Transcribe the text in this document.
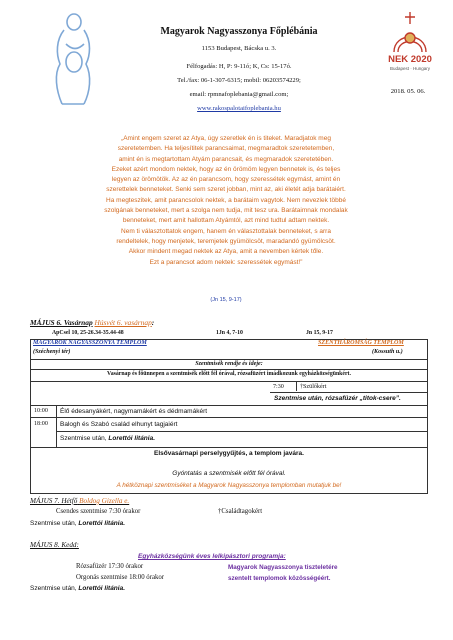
Magyarok Nagyasszonya Főplébánia
1153 Budapest, Bácska u. 3.
Félfogadás: H, P: 9-11ó; K, Cs: 15-17ó.
Tel./fax: 06-1-307-6315; mobil: 06203574229;
email: rpmnafoplebania@gmail.com;
www.rakospalotaifoplebania.hu
NEK 2020
Budapest · Hungary
2018. 05. 06.
„Amint engem szeret az Atya, úgy szeretlek én is titeket. Maradjatok meg
szeretetemben. Ha teljesítitek parancsaimat, megmaradtok szeretetemben,
amint én is megtartottam Atyám parancsait, és megmaradok szeretetében.
Ezeket azért mondom nektek, hogy az én örömöm legyen bennetek is, és teljes
legyen az örömötök. Az az én parancsom, hogy szeressétek egymást, amint én
szerettelek benneteket. Senki sem szeret jobban, mint az, aki életét adja barátaiért.
Ha megteszitek, amit parancsolok nektek, a barátaim vagytok. Nem nevezlek többé
szolgának benneteket, mert a szolga nem tudja, mit tesz ura. Barátaimnak mondalak
benneteket, mert amit hallottam Atyámtól, azt mind tudtul adtam nektek.
Nem ti választottatok engem, hanem én választottalak benneteket, s arra
rendeltelek, hogy menjetek, teremjetek gyümölcsöt, maradandó gyümölcsöt.
Akkor mindent megad nektek az Atya, amit a nevemben kértek tőle.
Ezt a parancsot adom nektek: szeressétek egymást!”
(Jn 15, 9-17)
MÁJUS 6. Vasárnap Húsvét 6. vasárnap:
ApCsel 10, 25-26.34-35.44-48	1Jn 4, 7-10	Jn 15, 9-17
MAGYAROK NAGYASSZONYA TEMPLOM	SZENTHÁROMSÁG TEMPLOM
(Széchenyi tér)	(Kossuth u.)
Szentmisék rendje és ideje:
Vasárnap és főünnepen a szentmisék előtt fél órával, rózsafüzért imádkozunk egyházközségünkért.
7:30	†Szülőkért
Szentmise után, rózsafüzér „titok-csere”.
10:00 Élő édesanyákért, nagymamákért és dédmamákért
18:00 Balogh és Szabó család elhunyt tagjaiért
Szentmise után, Lorettói litánia.
Elsővasárnapi perselygyűjtés, a templom javára.
Gyóntatás a szentmisék előtt fél órával.
A hétköznapi szentmiséket a Magyarok Nagyasszonya templomban mutatjuk be!
MÁJUS 7. Hétfő Boldog Gizella e.
Csendes szentmise 7:30 órakor	†Családtagokért
Szentmise után, Lorettói litánia.
MÁJUS 8. Kedd:
Egyházközségünk éves lelkipásztori programja:
Rózsafüzér 17:30 órakor	Magyarok Nagyasszonya tiszteletére
Orgonás szentmise 18:00 órakor	szentelt templomok közösségéért.
Szentmise után, Lorettói litánia.
